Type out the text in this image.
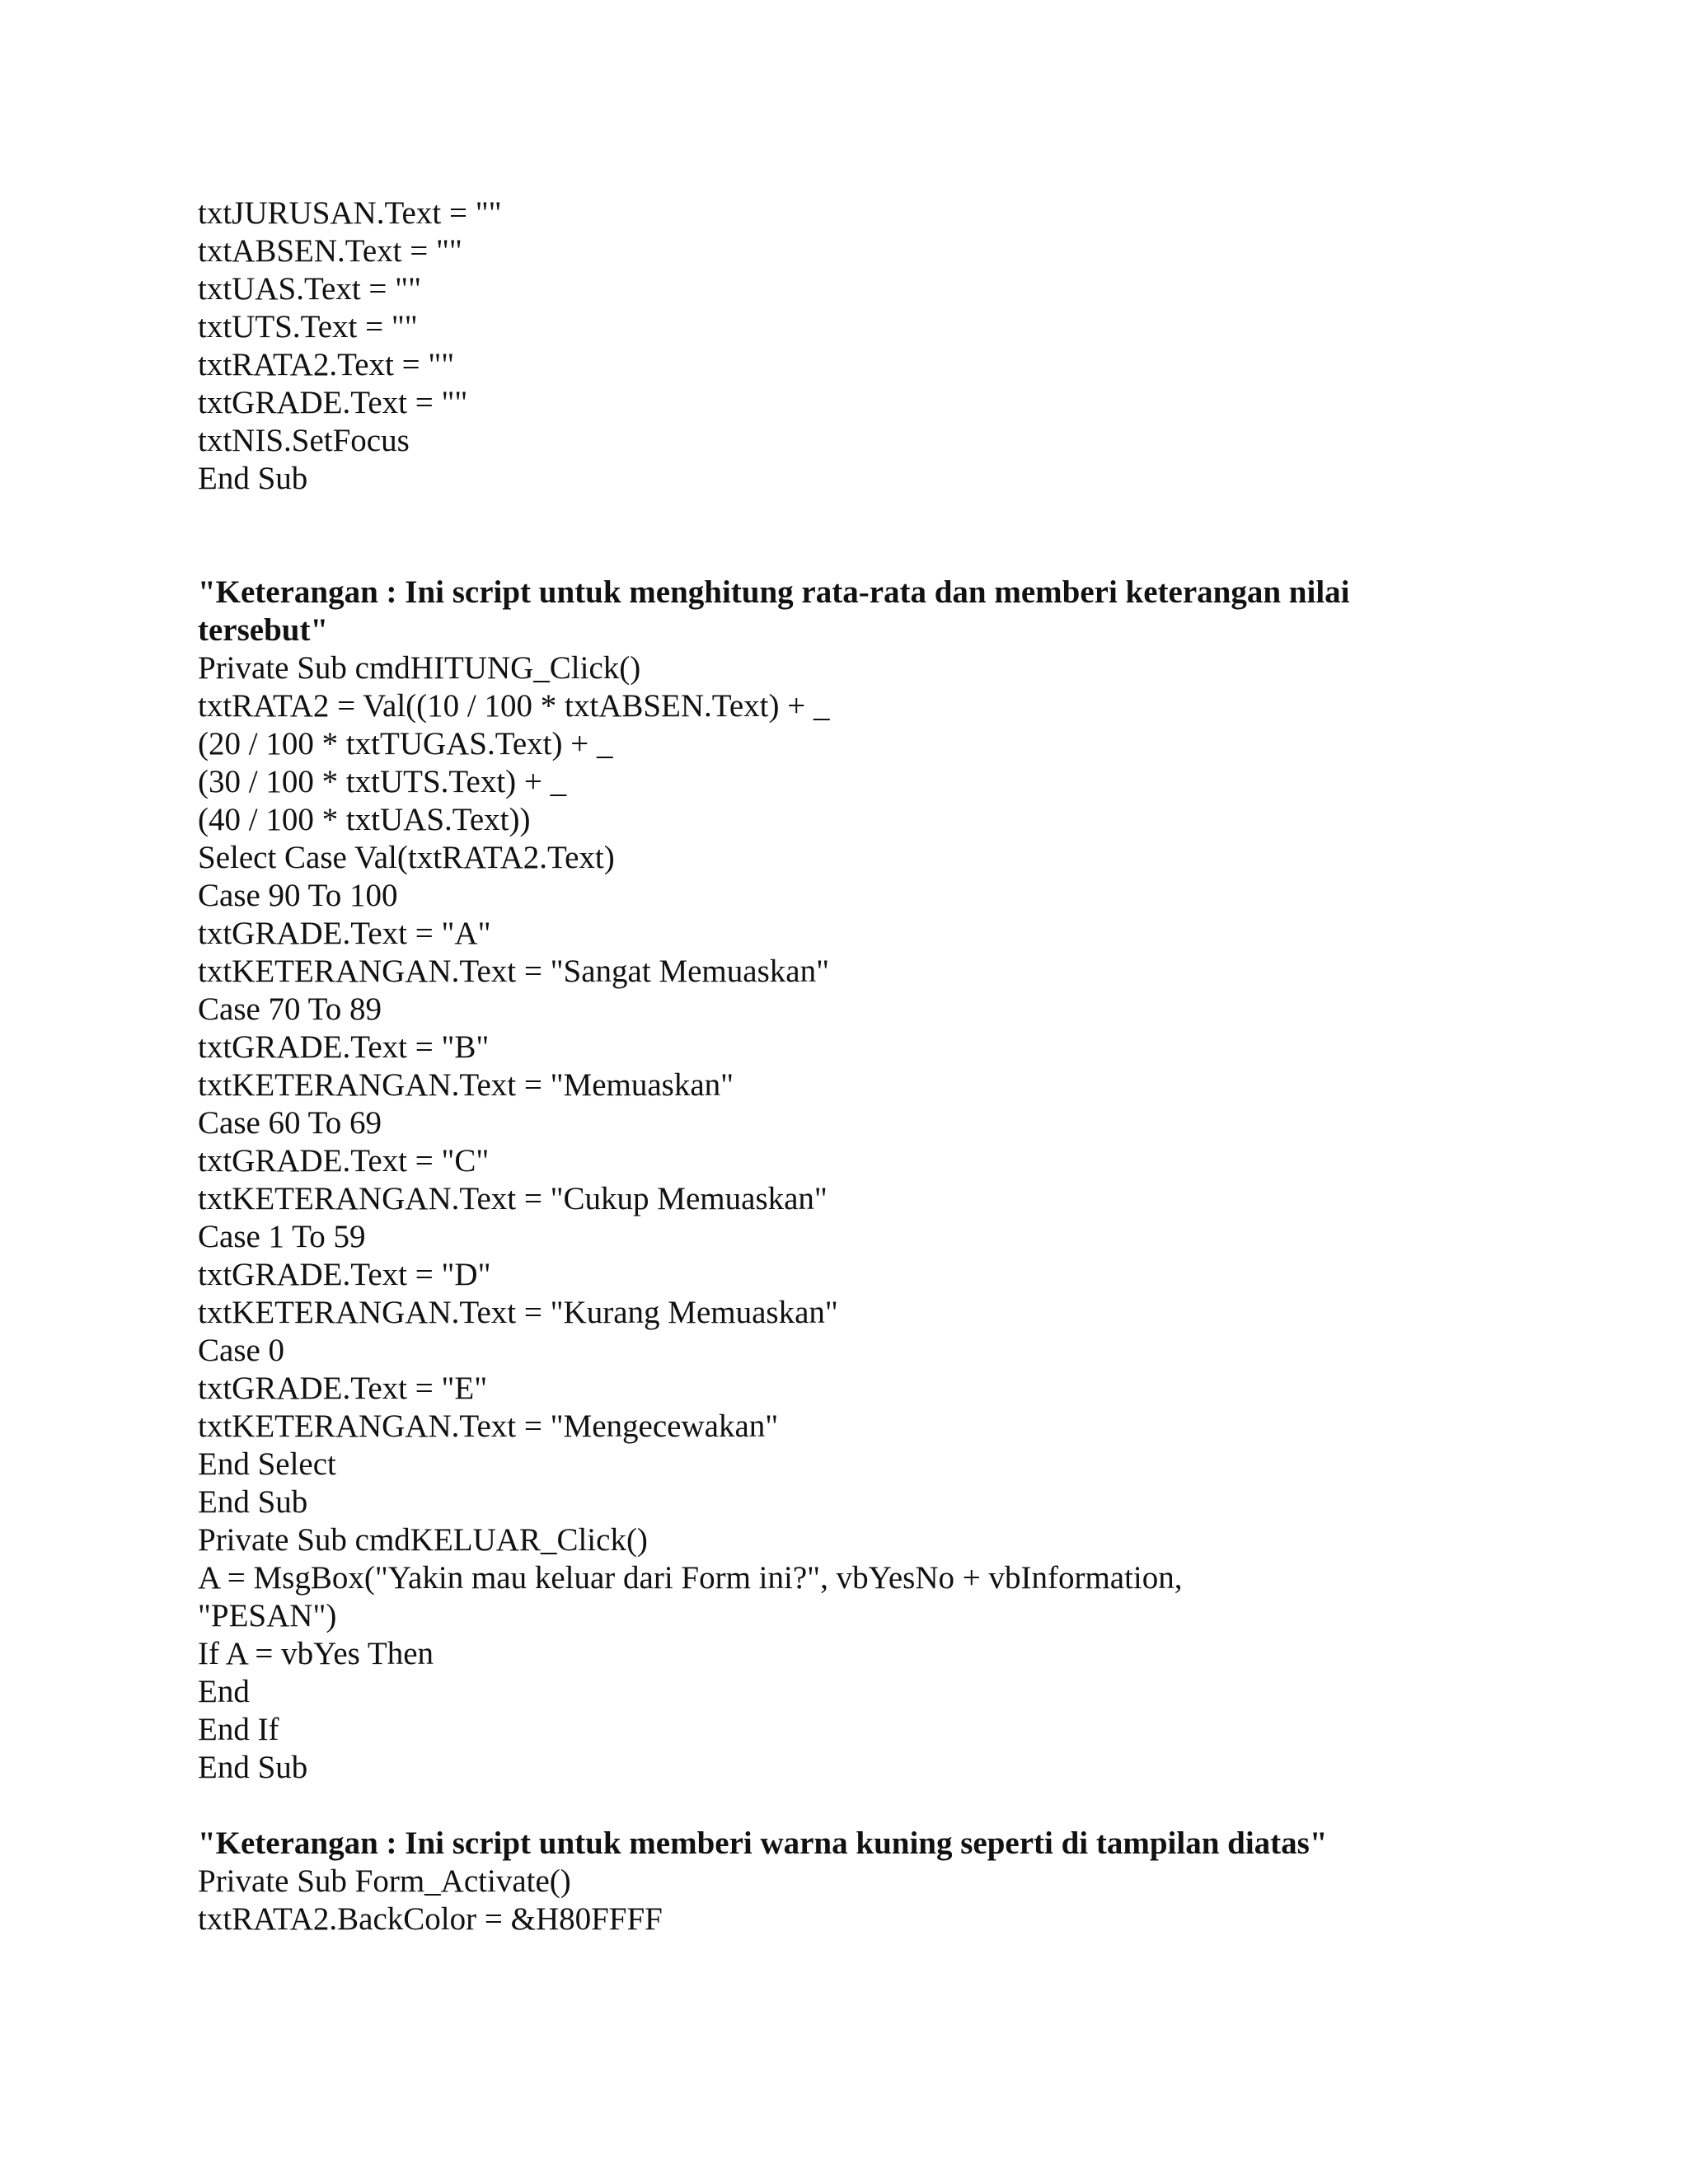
txtJURUSAN.Text = ""
txtABSEN.Text = ""
txtUAS.Text = ""
txtUTS.Text = ""
txtRATA2.Text = ""
txtGRADE.Text = ""
txtNIS.SetFocus
End Sub
"Keterangan : Ini script untuk menghitung rata-rata dan memberi keterangan nilai tersebut"
Private Sub cmdHITUNG_Click()
txtRATA2 = Val((10 / 100 * txtABSEN.Text) + _
(20 / 100 * txtTUGAS.Text) + _
(30 / 100 * txtUTS.Text) + _
(40 / 100 * txtUAS.Text))
Select Case Val(txtRATA2.Text)
Case 90 To 100
txtGRADE.Text = "A"
txtKETERANGAN.Text = "Sangat Memuaskan"
Case 70 To 89
txtGRADE.Text = "B"
txtKETERANGAN.Text = "Memuaskan"
Case 60 To 69
txtGRADE.Text = "C"
txtKETERANGAN.Text = "Cukup Memuaskan"
Case 1 To 59
txtGRADE.Text = "D"
txtKETERANGAN.Text = "Kurang Memuaskan"
Case 0
txtGRADE.Text = "E"
txtKETERANGAN.Text = "Mengecewakan"
End Select
End Sub
Private Sub cmdKELUAR_Click()
A = MsgBox("Yakin mau keluar dari Form ini?", vbYesNo + vbInformation,
"PESAN")
If A = vbYes Then
End
End If
End Sub
"Keterangan : Ini script untuk memberi warna kuning seperti di tampilan diatas"
Private Sub Form_Activate()
txtRATA2.BackColor = &H80FFFF
